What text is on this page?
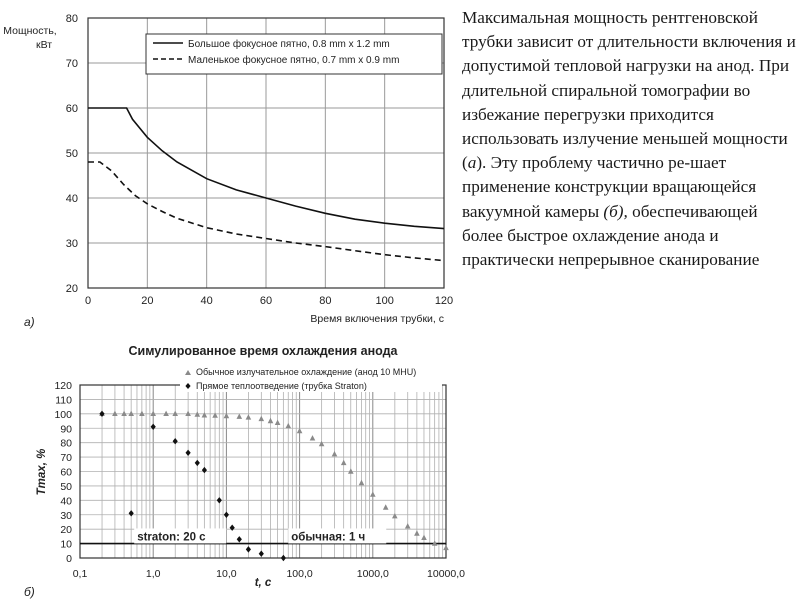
Максимальная мощность рентгеновской трубки зависит от длительности включения и допустимой тепловой нагрузки на анод. При длительной спиральной томографии во избежание перегрузки приходится использовать излучение меньшей мощности (а). Эту проблему частично ре-шает применение конструкции вращающейся вакуумной камеры (б), обеспечивающей более быстрое охлаждение анода и практически непрерывное сканирование
0	20	40	60	80	100	120
20
30
40
50
60
70
80
Большое фокусное пятно, 0.8 mm x 1.2 mm
Маленькое фокусное пятно, 0.7 mm x 0.9 mm
Мощность,
кВт
Время включения трубки, с
а)
Симулированное время охлаждения анода
0
10
20
30
40
50
60
70
80
90
100
110
120
0,1	1,0	10,0	100,0	1000,0	10000,0
straton: 20 с	обычная: 1 ч
Обычное излучательное охлаждение (анод 10 MHU)
Прямое теплоотведение (трубка Straton)
Tmax, %
t, с
б)
